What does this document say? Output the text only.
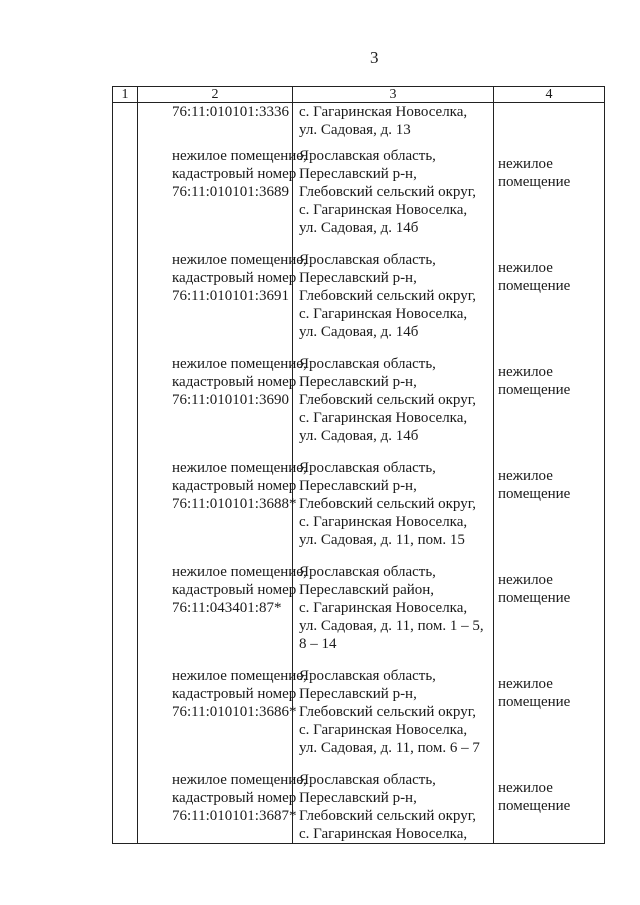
3
1	2	3	4

	76:11:010101:3336	с. Гагаринская Новоселка,
ул. Садовая, д. 13	

	нежилое помещение,
кадастровый номер
76:11:010101:3689	Ярославская область,
Переславский р-н,
Глебовский сельский округ,
с. Гагаринская Новоселка,
ул. Садовая, д. 14б	нежилое
помещение

	нежилое помещение,
кадастровый номер
76:11:010101:3691	Ярославская область,
Переславский р-н,
Глебовский сельский округ,
с. Гагаринская Новоселка,
ул. Садовая, д. 14б	нежилое
помещение

	нежилое помещение,
кадастровый номер
76:11:010101:3690	Ярославская область,
Переславский р-н,
Глебовский сельский округ,
с. Гагаринская Новоселка,
ул. Садовая, д. 14б	нежилое
помещение

	нежилое помещение,
кадастровый номер
76:11:010101:3688*	Ярославская область,
Переславский р-н,
Глебовский сельский округ,
с. Гагаринская Новоселка,
ул. Садовая, д. 11, пом. 15	нежилое
помещение

	нежилое помещение,
кадастровый номер
76:11:043401:87*	Ярославская область,
Переславский район,
с. Гагаринская Новоселка,
ул. Садовая, д. 11, пом. 1 – 5,
8 – 14	нежилое
помещение

	нежилое помещение,
кадастровый номер
76:11:010101:3686*	Ярославская область,
Переславский р-н,
Глебовский сельский округ,
с. Гагаринская Новоселка,
ул. Садовая, д. 11, пом. 6 – 7	нежилое
помещение

	нежилое помещение,
кадастровый номер
76:11:010101:3687*	Ярославская область,
Переславский р-н,
Глебовский сельский округ,
с. Гагаринская Новоселка,	нежилое
помещение
